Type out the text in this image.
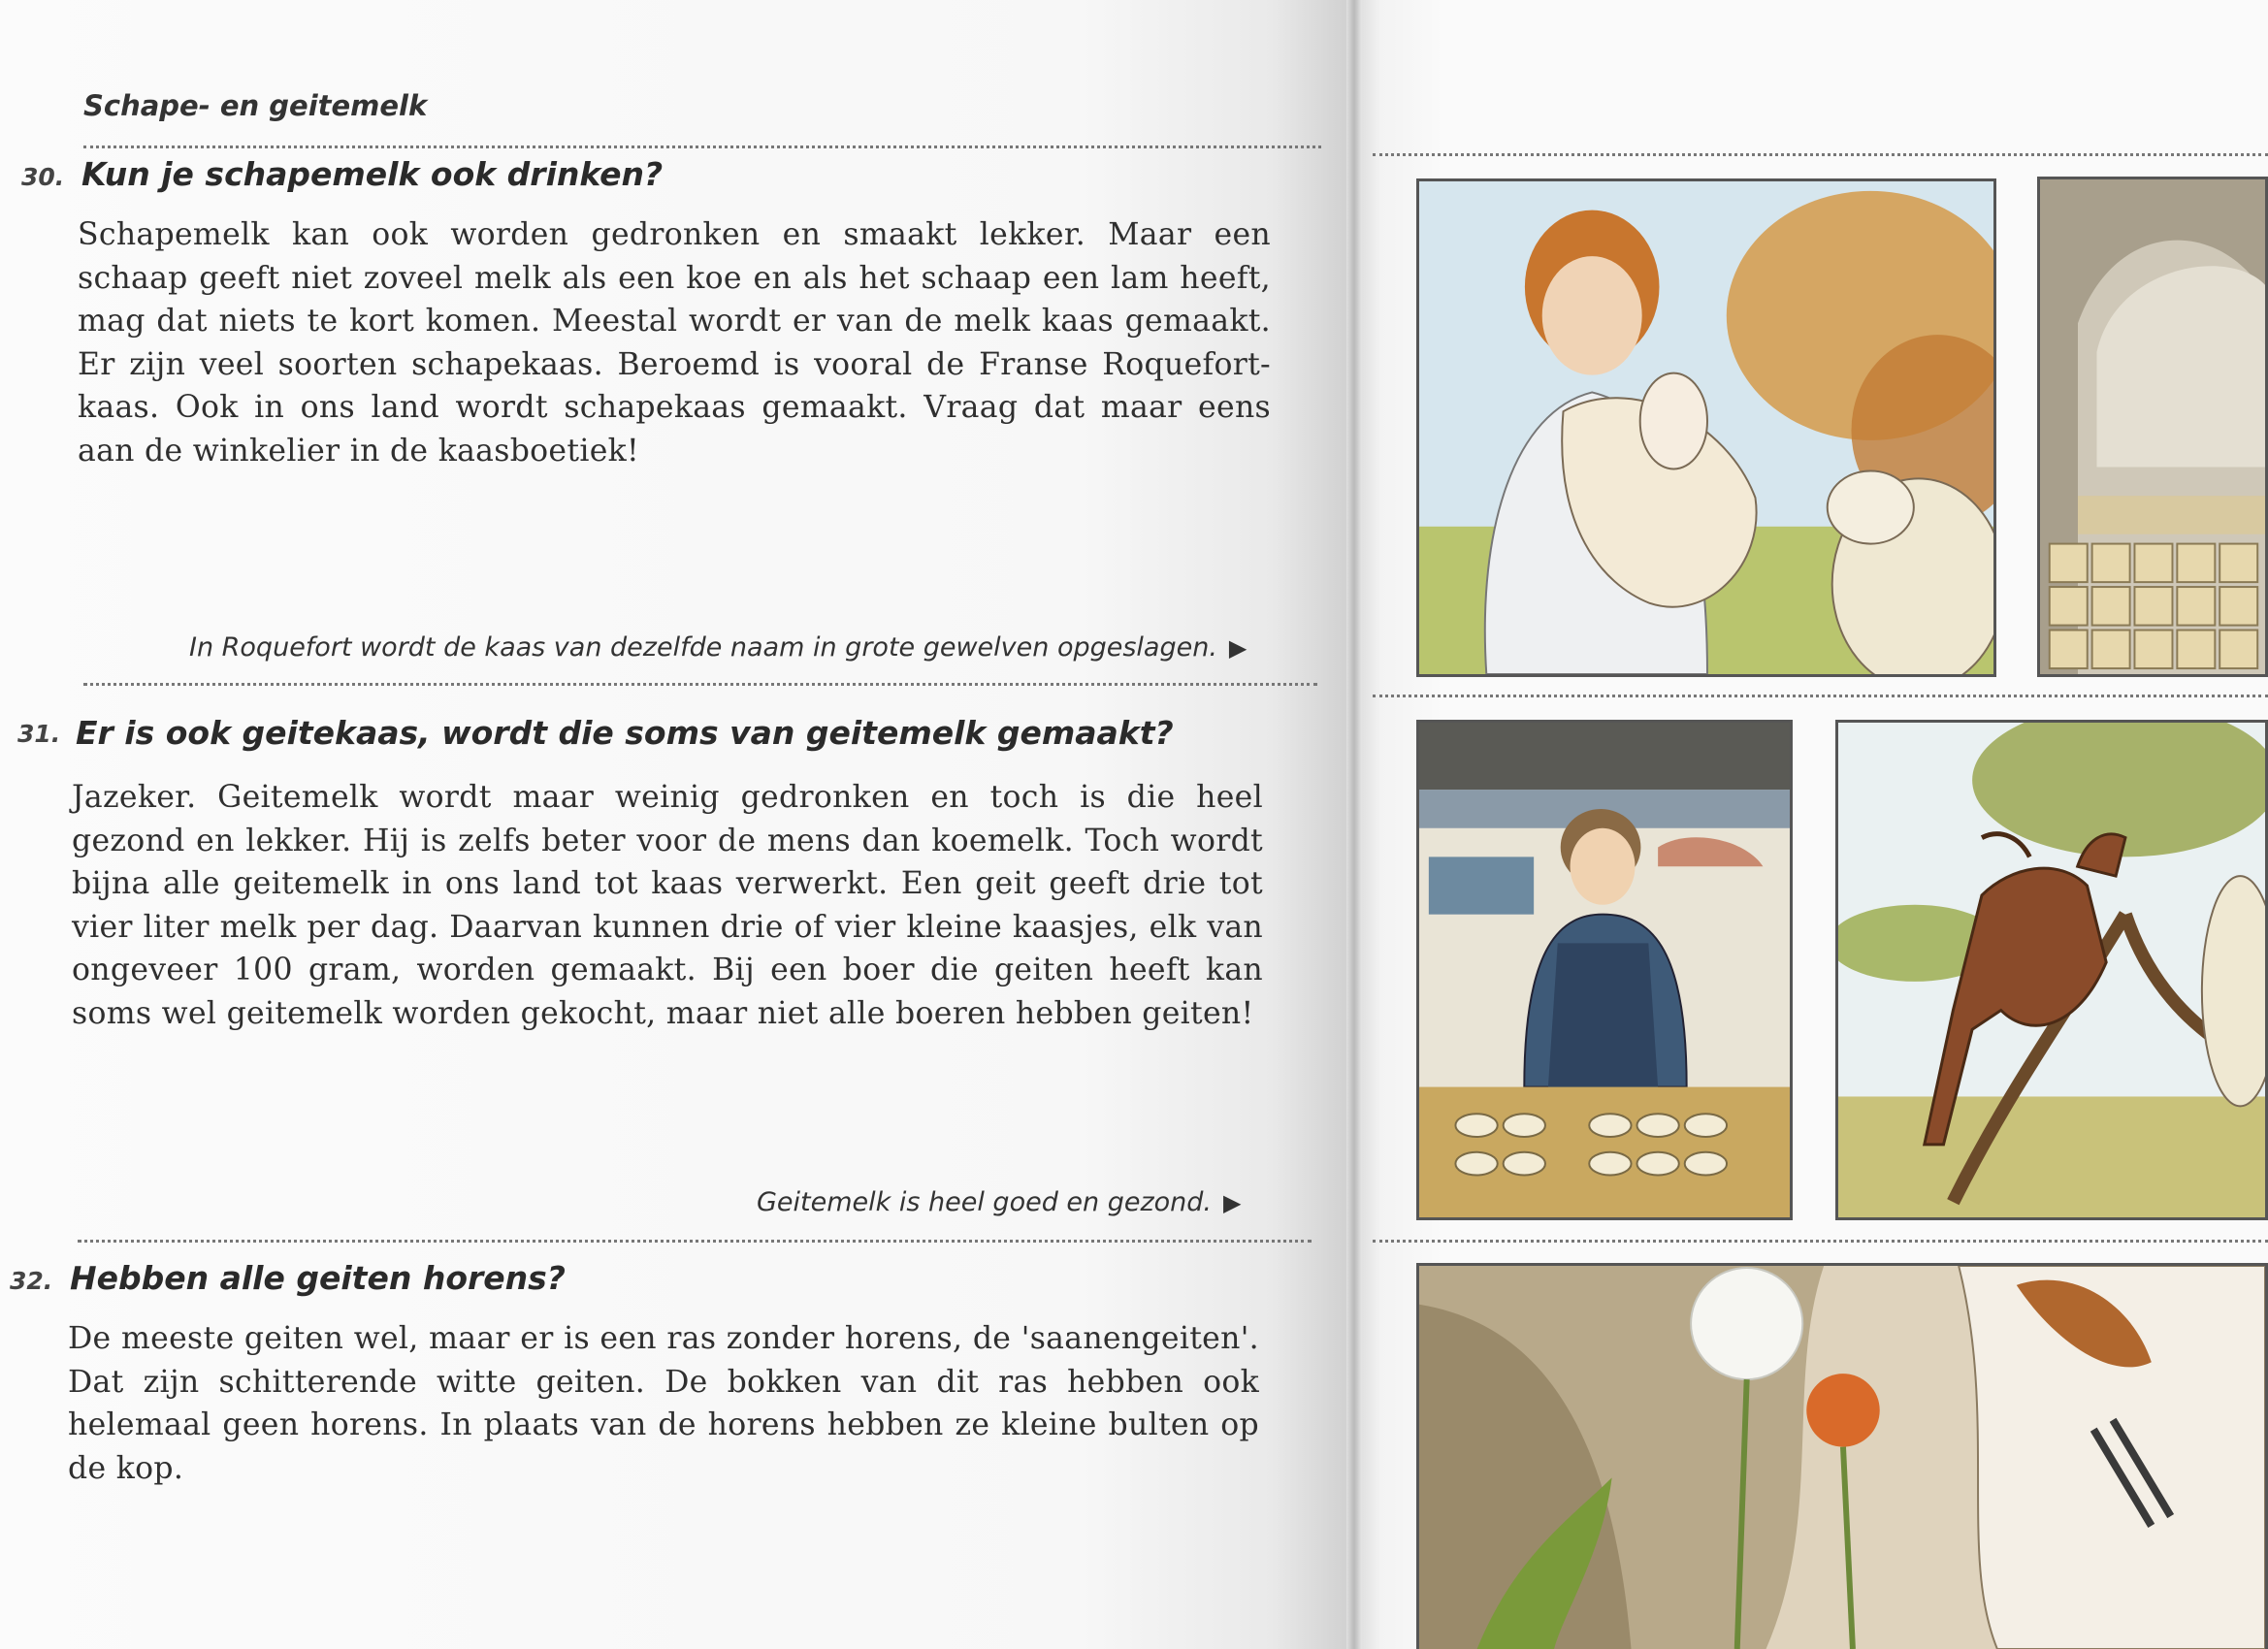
Schape- en geitemelk
30. Kun je schapemelk ook drinken?
Schapemelk kan ook worden gedronken en smaakt lekker. Maar een schaap geeft niet zoveel melk als een koe en als het schaap een lam heeft, mag dat niets te kort komen. Meestal wordt er van de melk kaas gemaakt. Er zijn veel soorten schapekaas. Beroemd is vooral de Franse Roquefort-kaas. Ook in ons land wordt schapekaas gemaakt. Vraag dat maar eens aan de winkelier in de kaasboetiek!
In Roquefort wordt de kaas van dezelfde naam in grote gewelven opgeslagen. ▶
31. Er is ook geitekaas, wordt die soms van geitemelk gemaakt?
Jazeker. Geitemelk wordt maar weinig gedronken en toch is die heel gezond en lekker. Hij is zelfs beter voor de mens dan koemelk. Toch wordt bijna alle geitemelk in ons land tot kaas verwerkt. Een geit geeft drie tot vier liter melk per dag. Daarvan kunnen drie of vier kleine kaasjes, elk van ongeveer 100 gram, worden gemaakt. Bij een boer die geiten heeft kan soms wel geitemelk worden gekocht, maar niet alle boeren hebben geiten!
Geitemelk is heel goed en gezond. ▶
32. Hebben alle geiten horens?
De meeste geiten wel, maar er is een ras zonder horens, de 'saanengeiten'. Dat zijn schitterende witte geiten. De bokken van dit ras hebben ook helemaal geen horens. In plaats van de horens hebben ze kleine bulten op de kop.
